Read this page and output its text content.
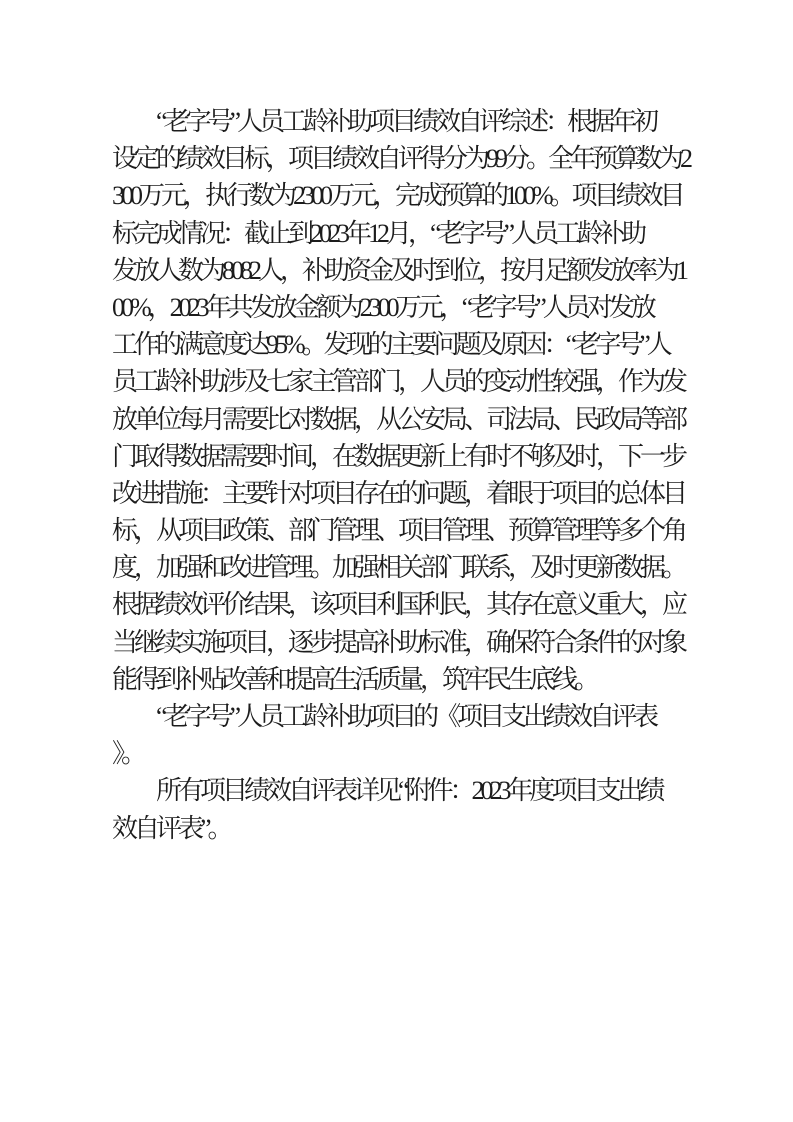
“老字号”人员工龄补助项目绩效自评综述：根据年初
设定的绩效目标，项目绩效自评得分为99分。全年预算数为2
300万元，执行数为2300万元，完成预算的100%。项目绩效目
标完成情况：截止到2023年12月，“老字号”人员工龄补助
发放人数为8082人，补助资金及时到位，按月足额发放率为1
00%，2023年共发放金额为2300万元，“老字号”人员对发放
工作的满意度达95%。发现的主要问题及原因：“老字号”人
员工龄补助涉及七家主管部门，人员的变动性较强，作为发
放单位每月需要比对数据，从公安局、司法局、民政局等部
门取得数据需要时间，在数据更新上有时不够及时，下一步
改进措施：主要针对项目存在的问题，着眼于项目的总体目
标，从项目政策、部门管理、项目管理、预算管理等多个角
度，加强和改进管理。加强相关部门联系，及时更新数据。
根据绩效评价结果，该项目利国利民，其存在意义重大，应
当继续实施项目，逐步提高补助标准，确保符合条件的对象
能得到补贴改善和提高生活质量，筑牢民生底线。
“老字号”人员工龄补助项目的《项目支出绩效自评表
》。
所有项目绩效自评表详见“附件：2023年度项目支出绩
效自评表”。
